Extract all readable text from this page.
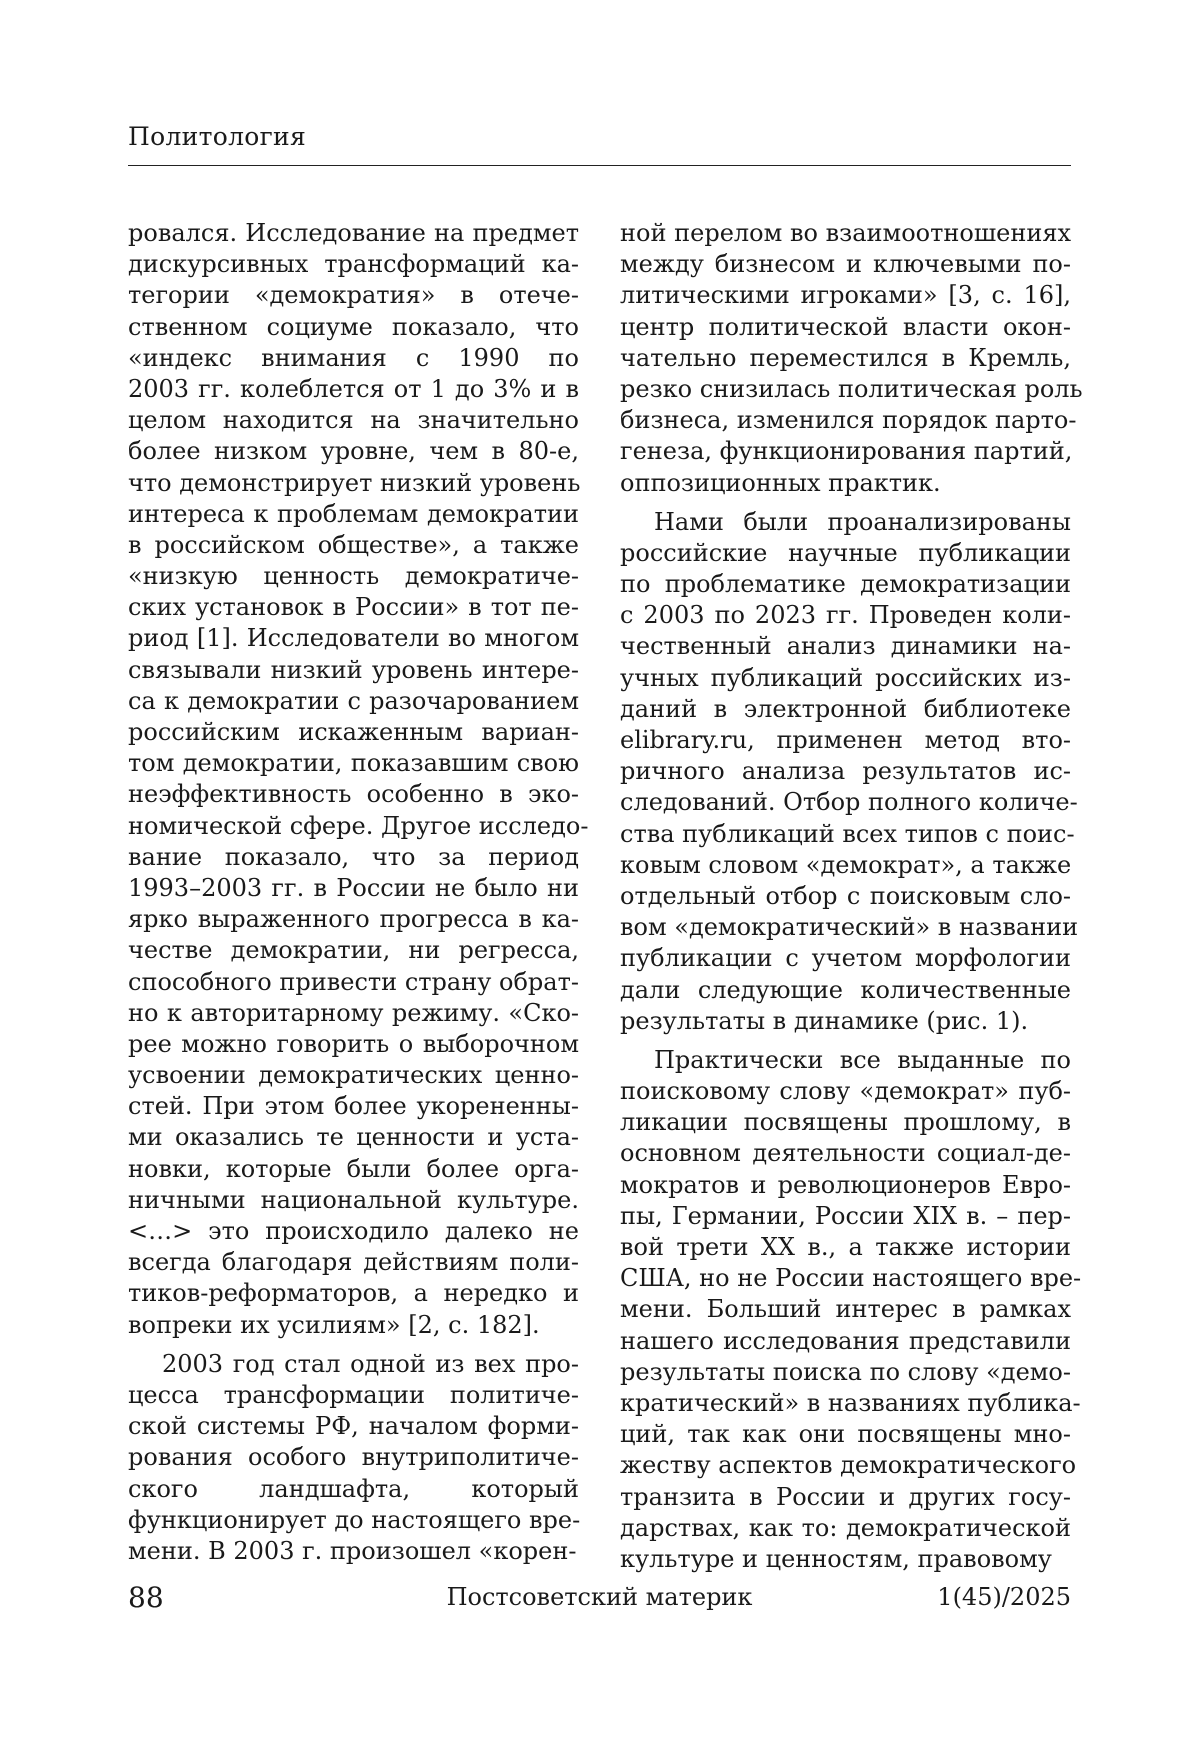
Политология

ровался. Исследование на предмет
дискурсивных трансформаций ка-
тегории «демократия» в отече-
ственном социуме показало, что
«индекс внимания с 1990 по
2003 гг. колеблется от 1 до 3% и в
целом находится на значительно
более низком уровне, чем в 80-е,
что демонстрирует низкий уровень
интереса к проблемам демократии
в российском обществе», а также
«низкую ценность демократиче-
ских установок в России» в тот пе-
риод [1]. Исследователи во многом
связывали низкий уровень интере-
са к демократии с разочарованием
российским искаженным вариан-
том демократии, показавшим свою
неэффективность особенно в эко-
номической сфере. Другое исследо-
вание показало, что за период
1993–2003 гг. в России не было ни
ярко выраженного прогресса в ка-
честве демократии, ни регресса,
способного привести страну обрат-
но к авторитарному режиму. «Ско-
рее можно говорить о выборочном
усвоении демократических ценно-
стей. При этом более укорененны-
ми оказались те ценности и уста-
новки, которые были более орга-
ничными национальной культуре.
<…> это происходило далеко не
всегда благодаря действиям поли-
тиков-реформаторов, а нередко и
вопреки их усилиям» [2, с. 182].

2003 год стал одной из вех про-
цесса трансформации политиче-
ской системы РФ, началом форми-
рования особого внутриполитиче-
ского ландшафта, который
функционирует до настоящего вре-
мени. В 2003 г. произошел «корен-

ной перелом во взаимоотношениях
между бизнесом и ключевыми по-
литическими игроками» [3, с. 16],
центр политической власти окон-
чательно переместился в Кремль,
резко снизилась политическая роль
бизнеса, изменился порядок парто-
генеза, функционирования партий,
оппозиционных практик.

Нами были проанализированы
российские научные публикации
по проблематике демократизации
с 2003 по 2023 гг. Проведен коли-
чественный анализ динамики на-
учных публикаций российских из-
даний в электронной библиотеке
elibrary.ru, применен метод вто-
ричного анализа результатов ис-
следований. Отбор полного количе-
ства публикаций всех типов с поис-
ковым словом «демократ», а также
отдельный отбор с поисковым сло-
вом «демократический» в названии
публикации с учетом морфологии
дали следующие количественные
результаты в динамике (рис. 1).

Практически все выданные по
поисковому слову «демократ» пуб-
ликации посвящены прошлому, в
основном деятельности социал-де-
мократов и революционеров Евро-
пы, Германии, России XIX в. – пер-
вой трети XX в., а также истории
США, но не России настоящего вре-
мени. Больший интерес в рамках
нашего исследования представили
результаты поиска по слову «демо-
кратический» в названиях публика-
ций, так как они посвящены мно-
жеству аспектов демократического
транзита в России и других госу-
дарствах, как то: демократической
культуре и ценностям, правовому

88	Постсоветский материк	1(45)/2025
